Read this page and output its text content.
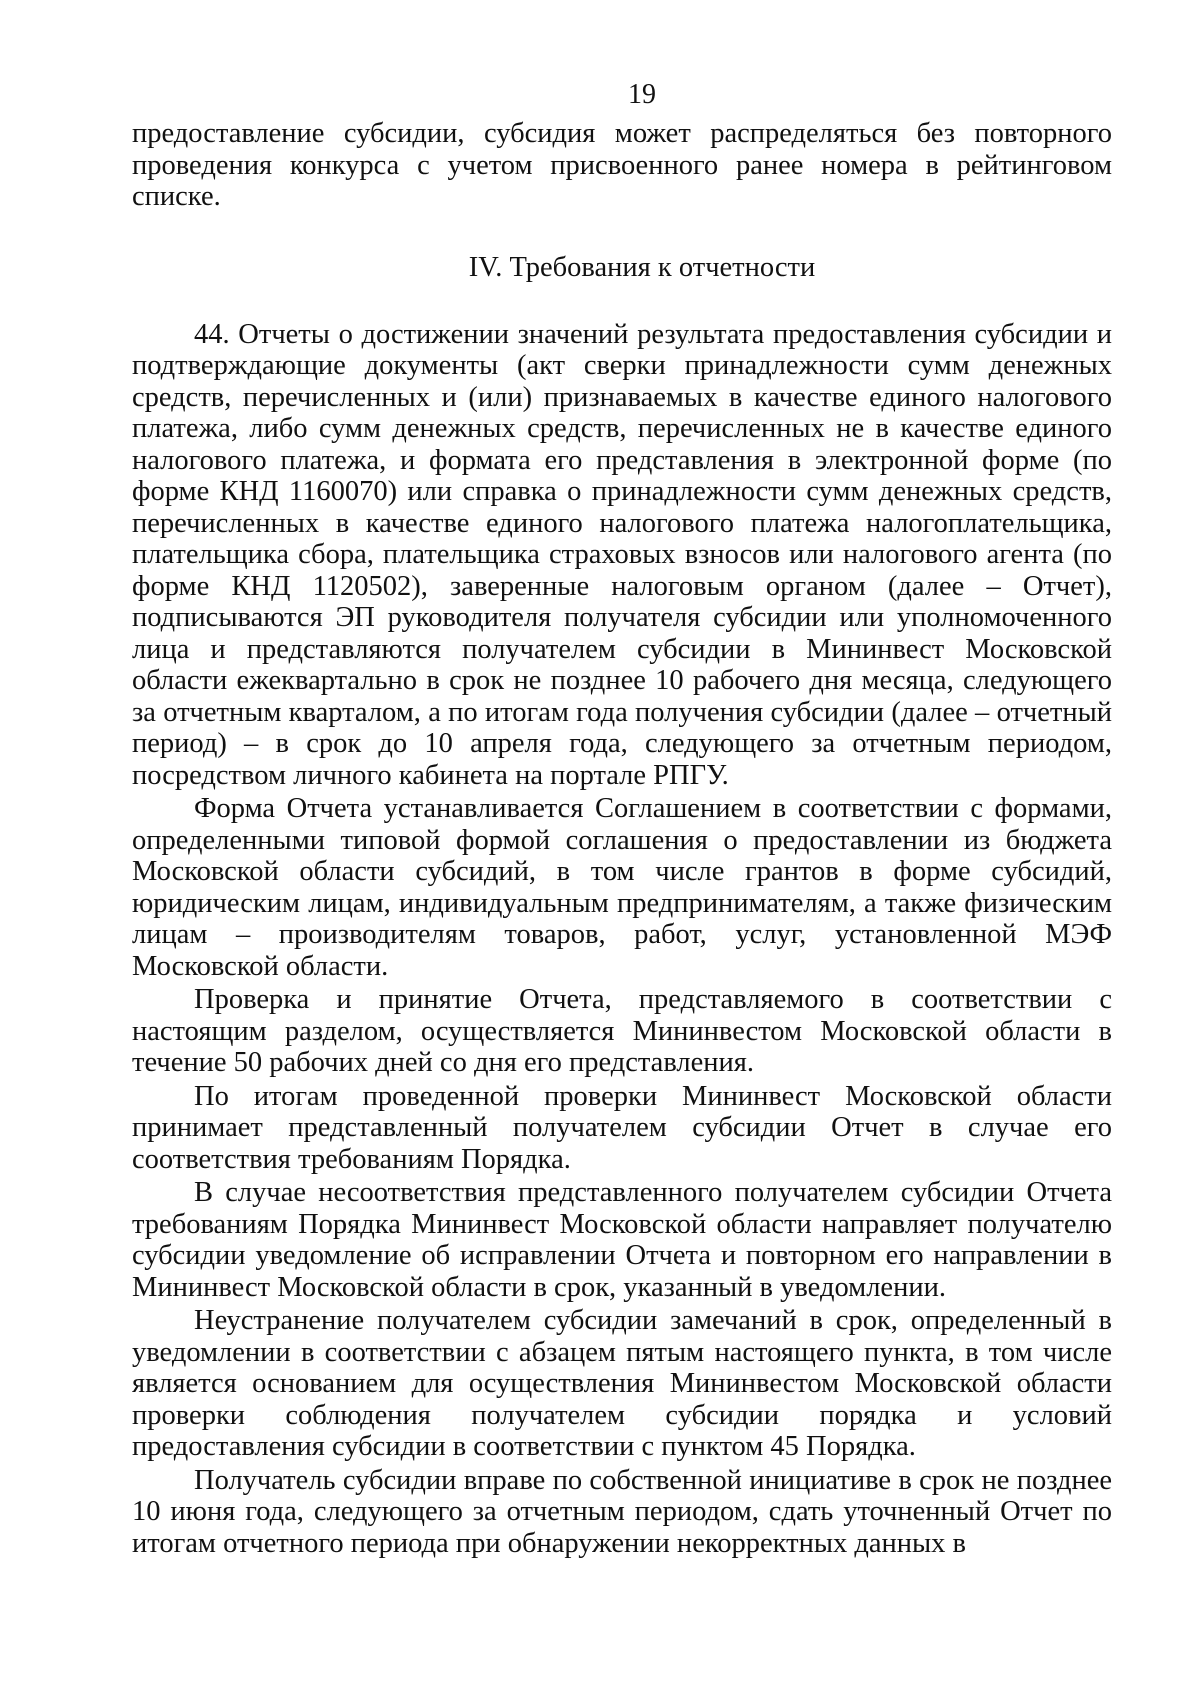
19

предоставление субсидии, субсидия может распределяться без повторного проведения конкурса с учетом присвоенного ранее номера в рейтинговом списке.

IV. Требования к отчетности

44. Отчеты о достижении значений результата предоставления субсидии и подтверждающие документы (акт сверки принадлежности сумм денежных средств, перечисленных и (или) признаваемых в качестве единого налогового платежа, либо сумм денежных средств, перечисленных не в качестве единого налогового платежа, и формата его представления в электронной форме (по форме КНД 1160070) или справка о принадлежности сумм денежных средств, перечисленных в качестве единого налогового платежа налогоплательщика, плательщика сбора, плательщика страховых взносов или налогового агента (по форме КНД 1120502), заверенные налоговым органом (далее – Отчет), подписываются ЭП руководителя получателя субсидии или уполномоченного лица и представляются получателем субсидии в Мининвест Московской области ежеквартально в срок не позднее 10 рабочего дня месяца, следующего за отчетным кварталом, а по итогам года получения субсидии (далее – отчетный период) – в срок до 10 апреля года, следующего за отчетным периодом, посредством личного кабинета на портале РПГУ.

Форма Отчета устанавливается Соглашением в соответствии с формами, определенными типовой формой соглашения о предоставлении из бюджета Московской области субсидий, в том числе грантов в форме субсидий, юридическим лицам, индивидуальным предпринимателям, а также физическим лицам – производителям товаров, работ, услуг, установленной МЭФ Московской области.

Проверка и принятие Отчета, представляемого в соответствии с настоящим разделом, осуществляется Мининвестом Московской области в течение 50 рабочих дней со дня его представления.

По итогам проведенной проверки Мининвест Московской области принимает представленный получателем субсидии Отчет в случае его соответствия требованиям Порядка.

В случае несоответствия представленного получателем субсидии Отчета требованиям Порядка Мининвест Московской области направляет получателю субсидии уведомление об исправлении Отчета и повторном его направлении в Мининвест Московской области в срок, указанный в уведомлении.

Неустранение получателем субсидии замечаний в срок, определенный в уведомлении в соответствии с абзацем пятым настоящего пункта, в том числе является основанием для осуществления Мининвестом Московской области проверки соблюдения получателем субсидии порядка и условий предоставления субсидии в соответствии с пунктом 45 Порядка.

Получатель субсидии вправе по собственной инициативе в срок не позднее 10 июня года, следующего за отчетным периодом, сдать уточненный Отчет по итогам отчетного периода при обнаружении некорректных данных в
